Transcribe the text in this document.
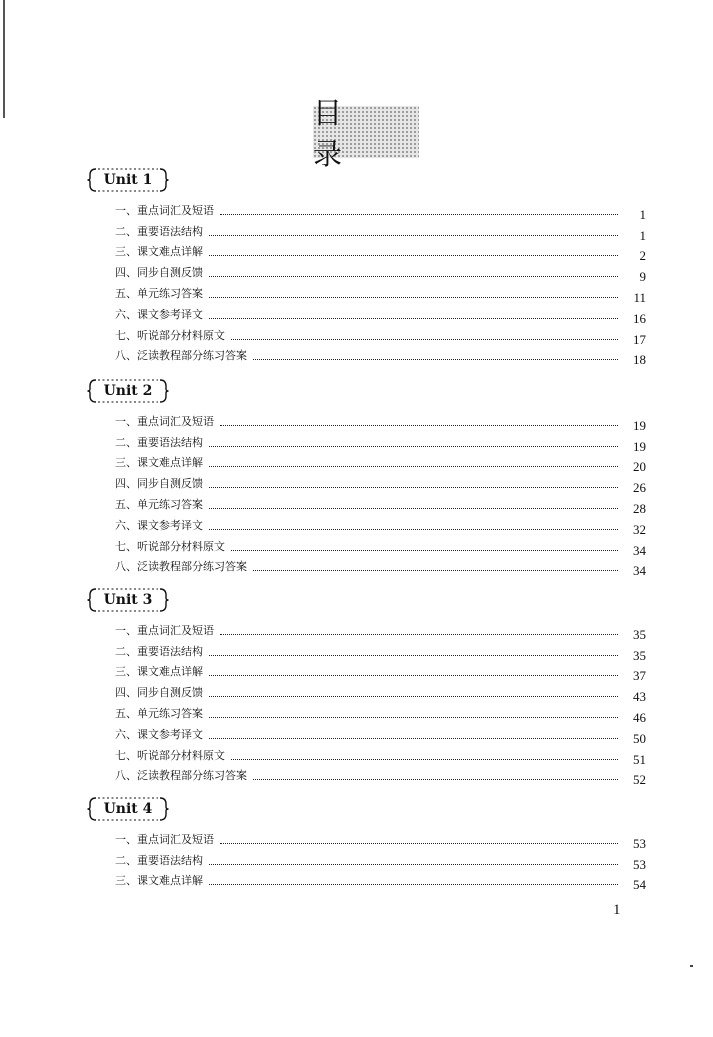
目 录
Unit 1
一、重点词汇及短语	1
二、重要语法结构	1
三、课文难点详解	2
四、同步自测反馈	9
五、单元练习答案	11
六、课文参考译文	16
七、听说部分材料原文	17
八、泛读教程部分练习答案	18
Unit 2
一、重点词汇及短语	19
二、重要语法结构	19
三、课文难点详解	20
四、同步自测反馈	26
五、单元练习答案	28
六、课文参考译文	32
七、听说部分材料原文	34
八、泛读教程部分练习答案	34
Unit 3
一、重点词汇及短语	35
二、重要语法结构	35
三、课文难点详解	37
四、同步自测反馈	43
五、单元练习答案	46
六、课文参考译文	50
七、听说部分材料原文	51
八、泛读教程部分练习答案	52
Unit 4
一、重点词汇及短语	53
二、重要语法结构	53
三、课文难点详解	54
1
